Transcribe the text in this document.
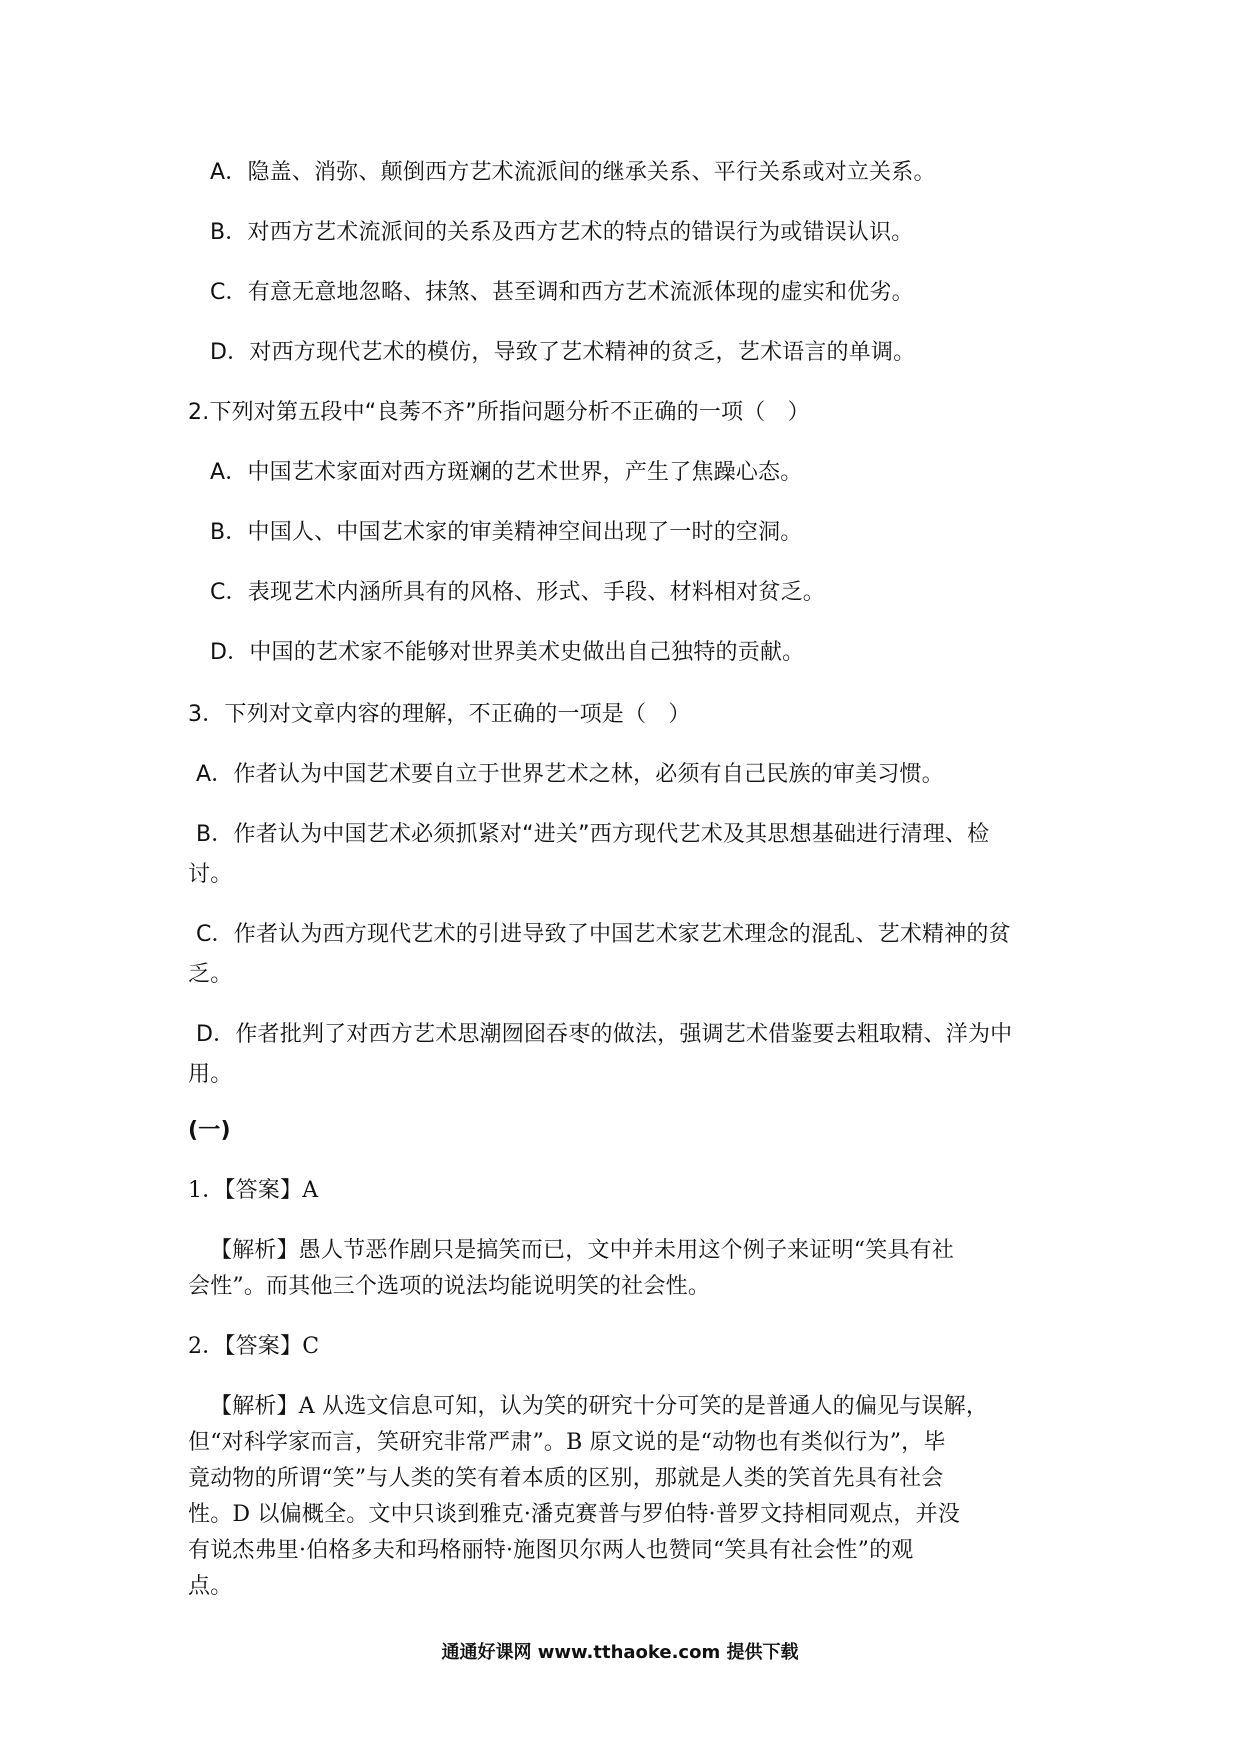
A．隐盖、消弥、颠倒西方艺术流派间的继承关系、平行关系或对立关系。
B．对西方艺术流派间的关系及西方艺术的特点的错误行为或错误认识。
C．有意无意地忽略、抹煞、甚至调和西方艺术流派体现的虚实和优劣。
D．对西方现代艺术的模仿，导致了艺术精神的贫乏，艺术语言的单调。
2.下列对第五段中“良莠不齐”所指问题分析不正确的一项（　）
A．中国艺术家面对西方斑斓的艺术世界，产生了焦躁心态。
B．中国人、中国艺术家的审美精神空间出现了一时的空洞。
C．表现艺术内涵所具有的风格、形式、手段、材料相对贫乏。
D．中国的艺术家不能够对世界美术史做出自己独特的贡献。
3．下列对文章内容的理解，不正确的一项是（　）
A．作者认为中国艺术要自立于世界艺术之林，必须有自己民族的审美习惯。
B．作者认为中国艺术必须抓紧对“进关”西方现代艺术及其思想基础进行清理、检
讨。
C．作者认为西方现代艺术的引进导致了中国艺术家艺术理念的混乱、艺术精神的贫
乏。
D．作者批判了对西方艺术思潮囫囵吞枣的做法，强调艺术借鉴要去粗取精、洋为中
用。
(一)
1．【答案】A
【解析】愚人节恶作剧只是搞笑而已，文中并未用这个例子来证明“笑具有社
会性”。而其他三个选项的说法均能说明笑的社会性。
2．【答案】C
【解析】A 从选文信息可知，认为笑的研究十分可笑的是普通人的偏见与误解，
但“对科学家而言，笑研究非常严肃”。B 原文说的是“动物也有类似行为”，毕
竟动物的所谓“笑”与人类的笑有着本质的区别，那就是人类的笑首先具有社会
性。D 以偏概全。文中只谈到雅克·潘克赛普与罗伯特·普罗文持相同观点，并没
有说杰弗里·伯格多夫和玛格丽特·施图贝尔两人也赞同“笑具有社会性”的观
点。
通通好课网 www.tthaoke.com 提供下载
